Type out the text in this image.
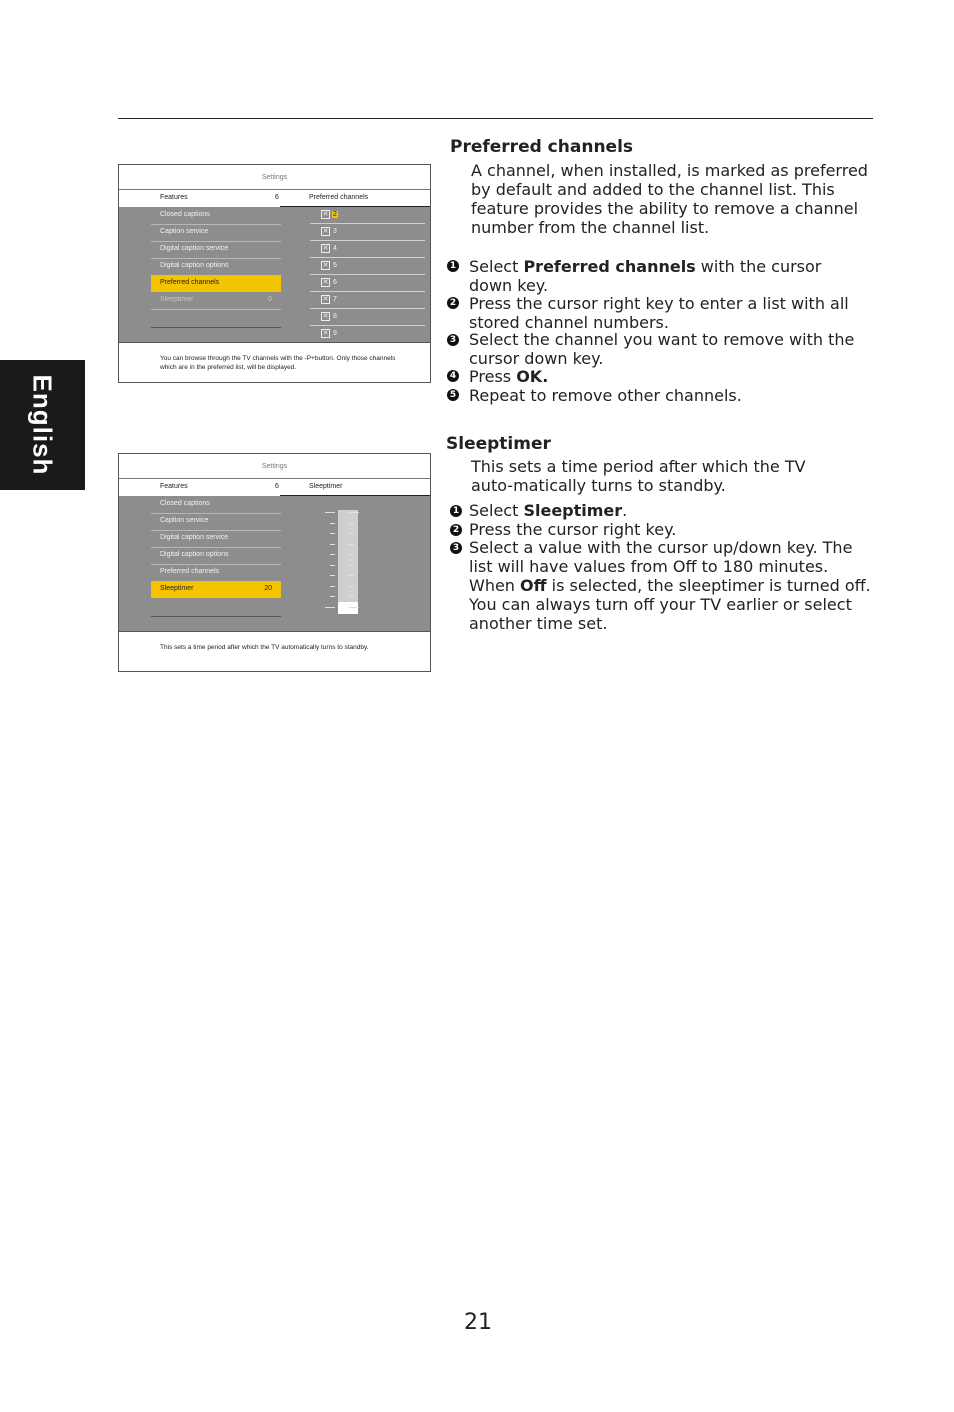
English
Settings
Features	6	Preferred channels
Closed captions
Caption service
Digital caption service
Digital caption options
Preferred channels
Sleeptimer	0
✕ 2
✕ 3
✕ 4
✕ 5
✕ 6
✕ 7
✕ 8
✕ 9
You can browse through the TV channels with the -P+button. Only those channels which are in the preferred list, will be displayed.
Settings
Features	6	Sleeptimer
Closed captions
Caption service
Digital caption service
Digital caption options
Preferred channels
Sleeptimer	20
This sets a time period after which the TV automatically turns to standby.
Preferred channels
A channel, when installed, is marked as preferred by default and added to the channel list. This feature provides the ability to remove a channel number from the channel list.
1 Select Preferred channels with the cursor down key.
2 Press the cursor right key to enter a list with all stored channel numbers.
3 Select the channel you want to remove with the cursor down key.
4 Press OK.
5 Repeat to remove other channels.
Sleeptimer
This sets a time period after which the TV auto-matically turns to standby.
1 Select Sleeptimer.
2 Press the cursor right key.
3 Select a value with the cursor up/down key. The list will have values from Off to 180 minutes. When Off is selected, the sleeptimer is turned off.
You can always turn off your TV earlier or select another time set.
21
